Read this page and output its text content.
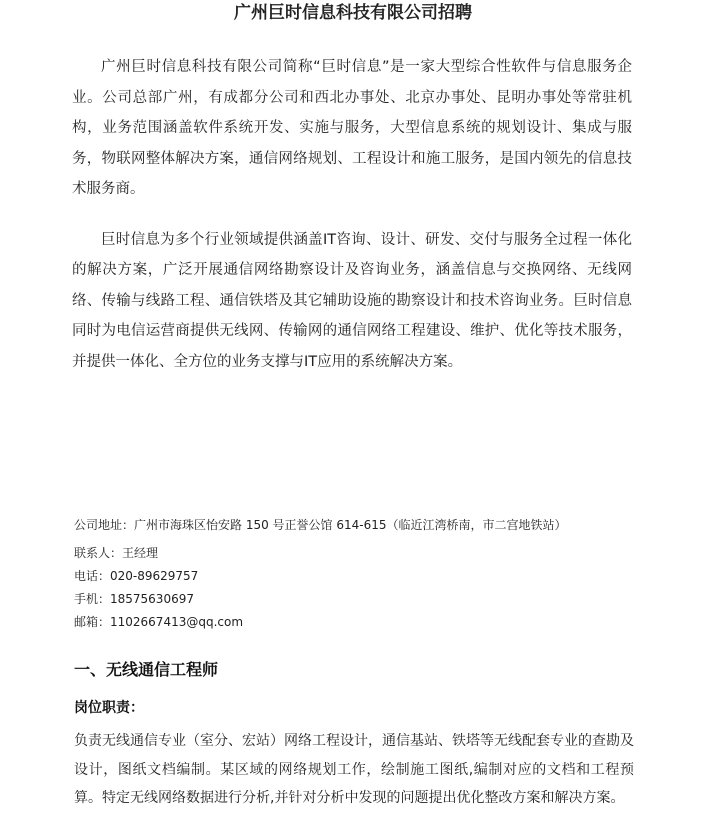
广州巨时信息科技有限公司招聘

广州巨时信息科技有限公司简称“巨时信息”是一家大型综合性软件与信息服务企业。公司总部广州，有成都分公司和西北办事处、北京办事处、昆明办事处等常驻机构，业务范围涵盖软件系统开发、实施与服务，大型信息系统的规划设计、集成与服务，物联网整体解决方案，通信网络规划、工程设计和施工服务，是国内领先的信息技术服务商。

巨时信息为多个行业领域提供涵盖IT咨询、设计、研发、交付与服务全过程一体化的解决方案，广泛开展通信网络勘察设计及咨询业务，涵盖信息与交换网络、无线网络、传输与线路工程、通信铁塔及其它辅助设施的勘察设计和技术咨询业务。巨时信息同时为电信运营商提供无线网、传输网的通信网络工程建设、维护、优化等技术服务，并提供一体化、全方位的业务支撑与IT应用的系统解决方案。

公司地址：广州市海珠区怡安路 150 号正誉公馆 614-615（临近江湾桥南，市二宫地铁站）
联系人：王经理
电话：020-89629757
手机：18575630697
邮箱：1102667413@qq.com
一、无线通信工程师
岗位职责：

负责无线通信专业（室分、宏站）网络工程设计，通信基站、铁塔等无线配套专业的查勘及设计，图纸文档编制。某区域的网络规划工作，绘制施工图纸,编制对应的文档和工程预算。特定无线网络数据进行分析,并针对分析中发现的问题提出优化整改方案和解决方案。
